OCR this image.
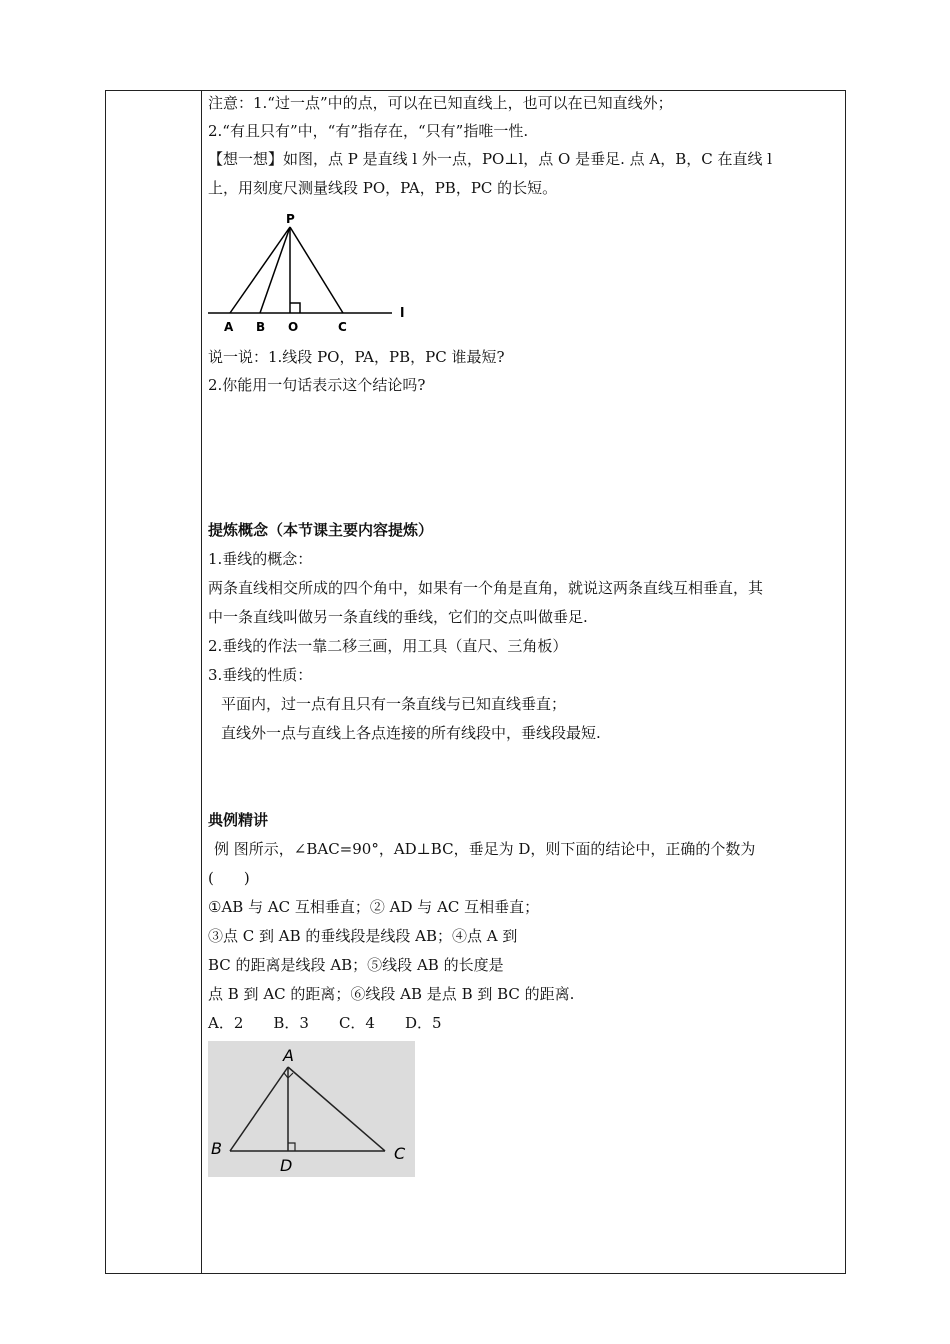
注意：1.“过一点”中的点，可以在已知直线上，也可以在已知直线外；
2.“有且只有”中，“有”指存在，“只有”指唯一性.
【想一想】如图，点 P 是直线 l 外一点，PO⊥l，点 O 是垂足. 点 A，B，C 在直线 l
上，用刻度尺测量线段 PO，PA，PB，PC 的长短。
P
A B O	C
l
说一说：1.线段 PO，PA，PB，PC 谁最短?
2.你能用一句话表示这个结论吗?
提炼概念（本节课主要内容提炼）
1.垂线的概念：
两条直线相交所成的四个角中，如果有一个角是直角，就说这两条直线互相垂直，其
中一条直线叫做另一条直线的垂线，它们的交点叫做垂足.
2.垂线的作法一靠二移三画，用工具（直尺、三角板）
3.垂线的性质：
平面内，过一点有且只有一条直线与已知直线垂直；
直线外一点与直线上各点连接的所有线段中，垂线段最短.
典例精讲
例 图所示，∠BAC=90°，AD⊥BC，垂足为 D，则下面的结论中，正确的个数为
(　　)
①AB 与 AC 互相垂直；② AD 与 AC 互相垂直；
③点 C 到 AB 的垂线段是线段 AB；④点 A 到
BC 的距离是线段 AB；⑤线段 AB 的长度是
点 B 到 AC 的距离；⑥线段 AB 是点 B 到 BC 的距离.
A．2　　B．3　　C．4　　D．5
A
B	C
D
